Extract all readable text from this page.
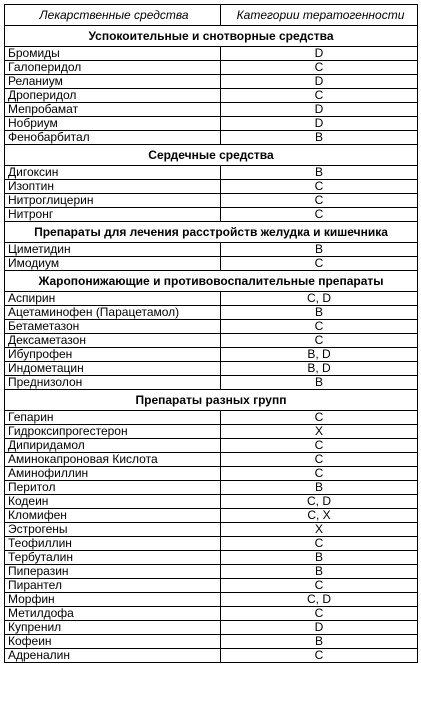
Лекарственные средства	Категории тератогенности
Успокоительные и снотворные средства	
Бромиды	D
Галоперидол	C
Реланиум	D
Дроперидол	C
Мепробамат	D
Нобриум	D
Фенобарбитал	B
Сердечные средства	
Дигоксин	B
Изоптин	C
Нитроглицерин	C
Нитронг	C
Препараты для лечения расстройств желудка и кишечника	
Циметидин	B
Имодиум	C
Жаропонижающие и противовоспалительные препараты	
Аспирин	C, D
Ацетаминофен (Парацетамол)	B
Бетаметазон	C
Дексаметазон	C
Ибупрофен	B, D
Индометацин	B, D
Преднизолон	B
Препараты разных групп	
Гепарин	C
Гидроксипрогестерон	X
Дипиридамол	C
Аминокапроновая Кислота	C
Аминофиллин	C
Перитол	B
Кодеин	C, D
Кломифен	C, X
Эстрогены	X
Теофиллин	C
Тербуталин	B
Пиперазин	B
Пирантел	C
Морфин	C, D
Метилдофа	C
Купренил	D
Кофеин	B
Адреналин	C
